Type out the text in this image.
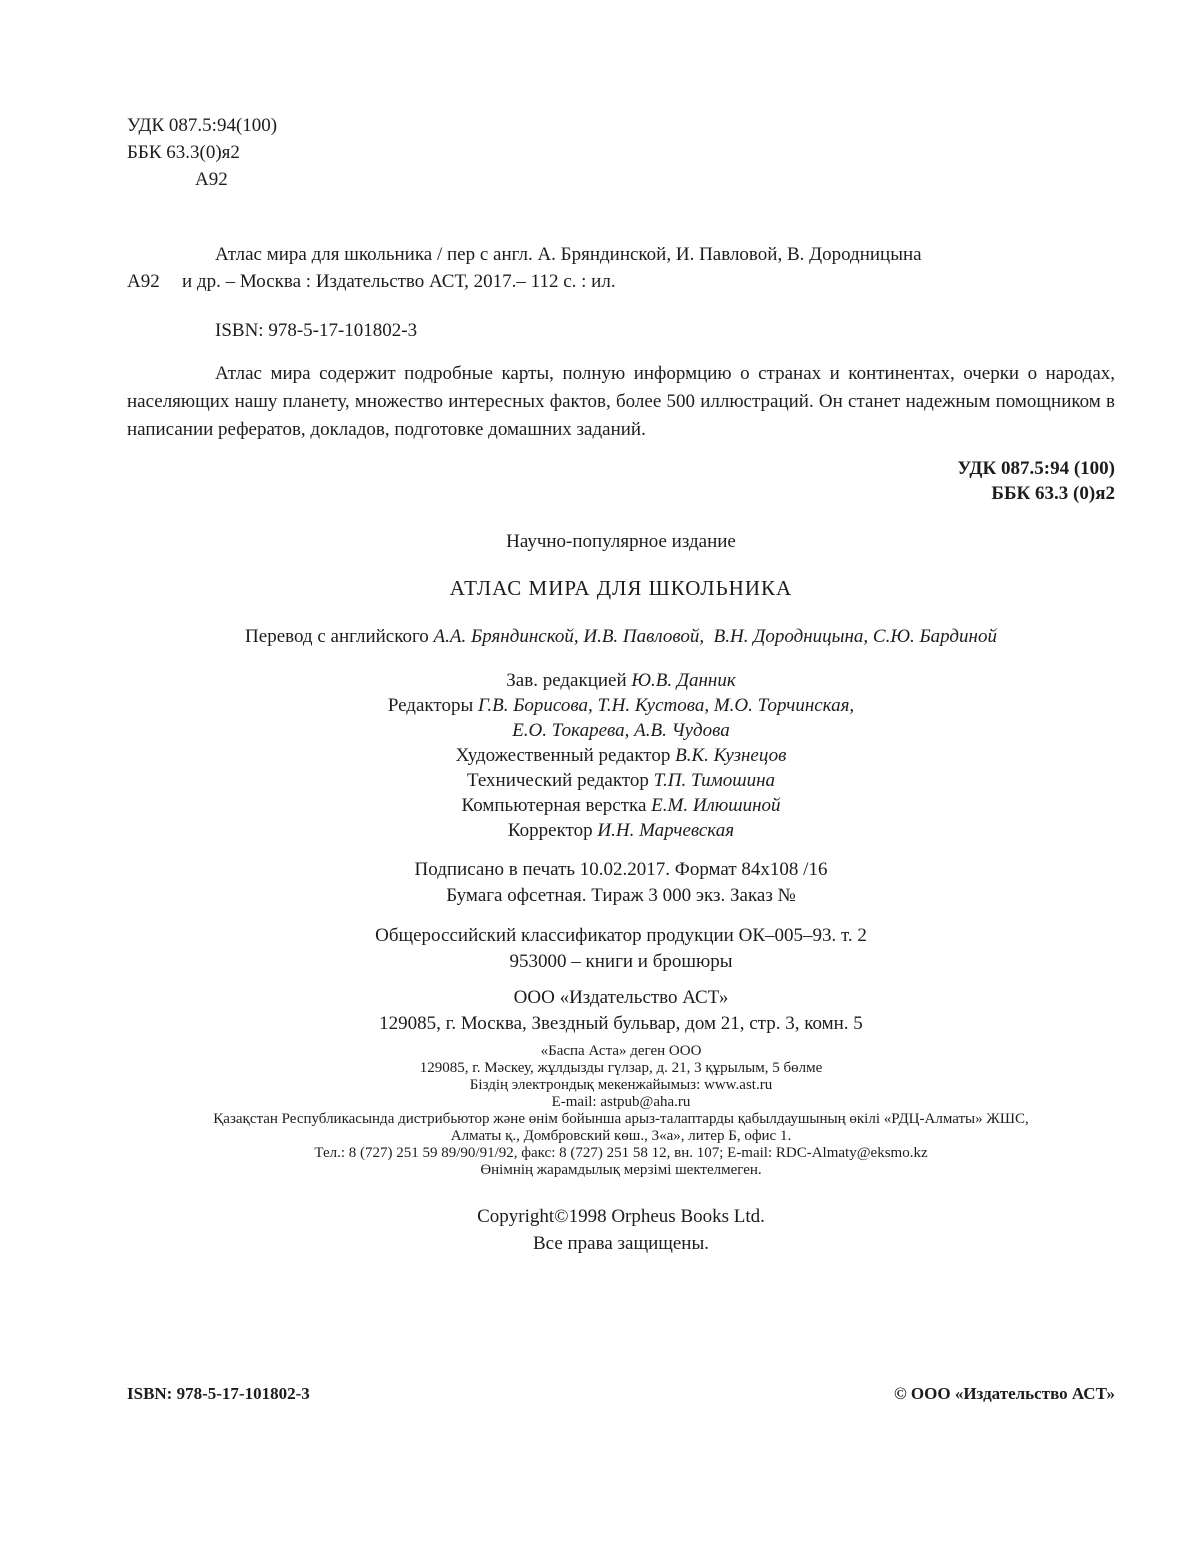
УДК 087.5:94(100)
ББК 63.3(0)я2
А92
Атлас мира для школьника / пер с англ. А. Бряндинской, И. Павловой, В. Дородницына
А92 и др. – Москва : Издательство АСТ, 2017.– 112 с. : ил.
ISBN: 978-5-17-101802-3

Атлас мира содержит подробные карты, полную информцию о странах и континентах, очерки о народах, населяющих нашу планету, множество интересных фактов, более 500 иллюстраций. Он станет надежным помощником в написании рефератов, докладов, подготовке домашних заданий.

УДК 087.5:94 (100)
ББК 63.3 (0)я2
Научно-популярное издание
АТЛАС МИРА ДЛЯ ШКОЛЬНИКА
Перевод с английского А.А. Бряндинской, И.В. Павловой,  В.Н. Дородницына, С.Ю. Бардиной
Зав. редакцией Ю.В. Данник
Редакторы Г.В. Борисова, Т.Н. Кустова, М.О. Торчинская,
Е.О. Токарева, А.В. Чудова
Художественный редактор В.К. Кузнецов
Технический редактор Т.П. Тимошина
Компьютерная верстка Е.М. Илюшиной
Корректор И.Н. Марчевская
Подписано в печать 10.02.2017. Формат 84x108 /16
Бумага офсетная. Тираж 3 000 экз. Заказ №
Общероссийский классификатор продукции ОК–005–93. т. 2
953000 – книги и брошюры
ООО «Издательство АСТ»
129085, г. Москва, Звездный бульвар, дом 21, стр. 3, комн. 5
«Баспа Аста» деген ООО
129085, г. Мәскеу, жұлдызды гүлзар, д. 21, 3 құрылым, 5 бөлме
Біздің электрондық мекенжайымыз: www.ast.ru
E-mail: astpub@aha.ru
Қазақстан Республикасында дистрибьютор және өнім бойынша арыз-талаптарды қабылдаушының өкілі «РДЦ-Алматы» ЖШС,
Алматы қ., Домбровский көш., 3«а», литер Б, офис 1.
Тел.: 8 (727) 251 59 89/90/91/92, факс: 8 (727) 251 58 12, вн. 107; E-mail: RDC-Almaty@eksmo.kz
Өнімнің жарамдылық мерзімі шектелмеген.
Copyright©1998 Orpheus Books Ltd.
Все права защищены.
ISBN: 978-5-17-101802-3	© ООО «Издательство АСТ»
